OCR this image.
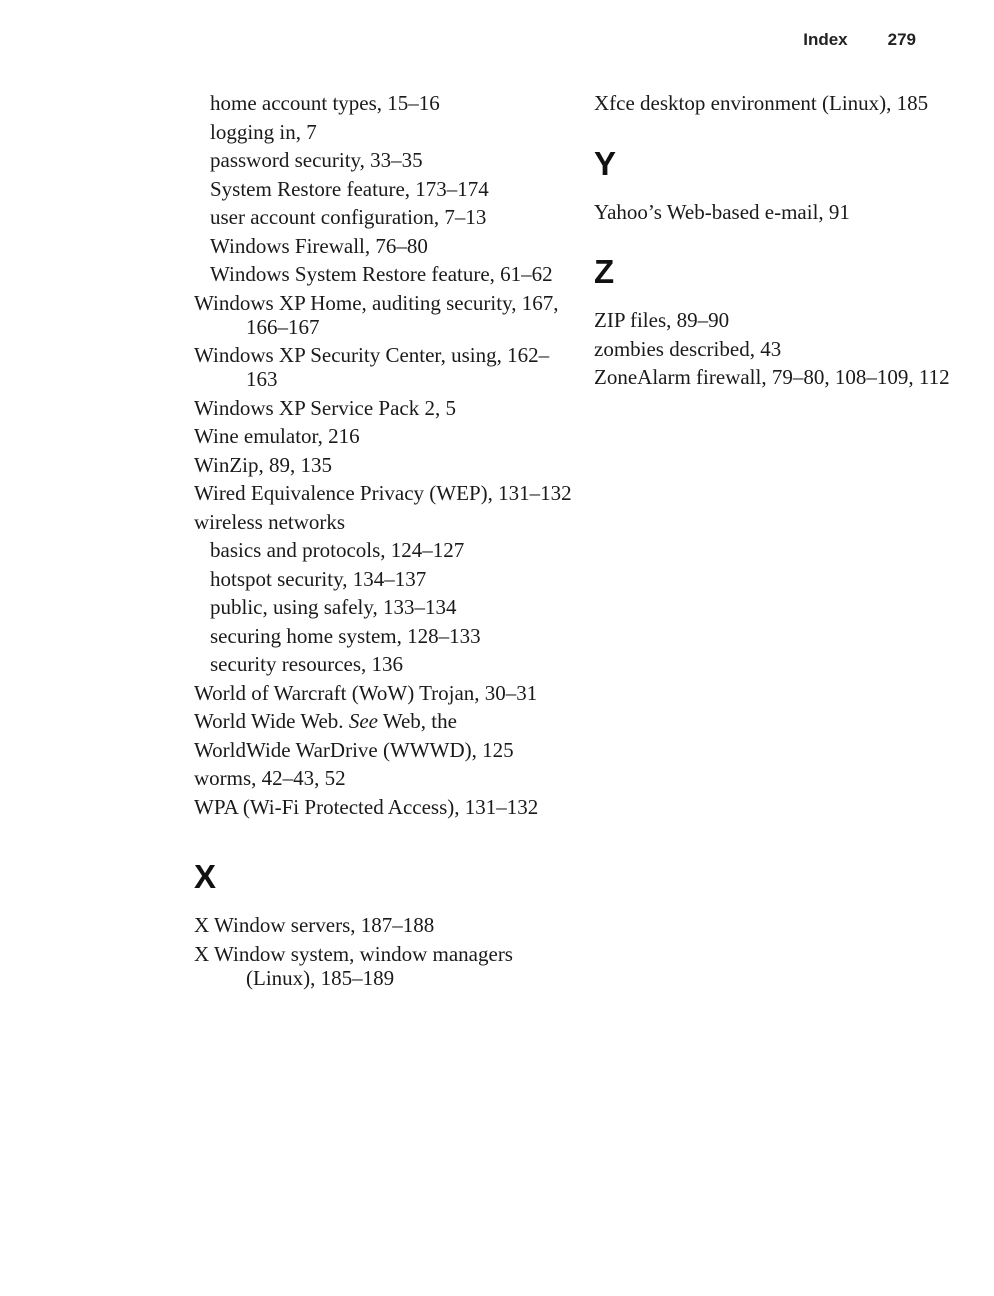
Index 279
home account types, 15–16
logging in, 7
password security, 33–35
System Restore feature, 173–174
user account configuration, 7–13
Windows Firewall, 76–80
Windows System Restore feature, 61–62
Windows XP Home, auditing security, 167, 166–167
Windows XP Security Center, using, 162–163
Windows XP Service Pack 2, 5
Wine emulator, 216
WinZip, 89, 135
Wired Equivalence Privacy (WEP), 131–132
wireless networks
basics and protocols, 124–127
hotspot security, 134–137
public, using safely, 133–134
securing home system, 128–133
security resources, 136
World of Warcraft (WoW) Trojan, 30–31
World Wide Web. See Web, the
WorldWide WarDrive (WWWD), 125
worms, 42–43, 52
WPA (Wi-Fi Protected Access), 131–132
X
X Window servers, 187–188
X Window system, window managers (Linux), 185–189
Xfce desktop environment (Linux), 185
Y
Yahoo’s Web-based e-mail, 91
Z
ZIP files, 89–90
zombies described, 43
ZoneAlarm firewall, 79–80, 108–109, 112
